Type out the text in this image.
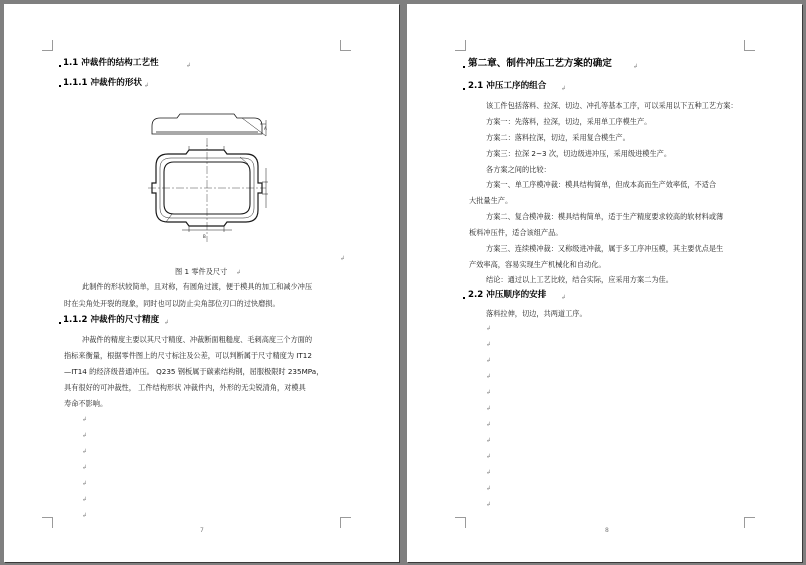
1.1 冲裁件的结构工艺性	↲
1.1.1 冲裁件的形状 ↲
B
A
↲
图 1 零件及尺寸 ↲
此制件的形状较简单，且对称，有圆角过渡，便于模具的加工和减少冲压
时在尖角处开裂的现象，同时也可以防止尖角部位刃口的过快磨损。
1.1.2 冲裁件的尺寸精度 ↲
冲裁件的精度主要以其尺寸精度、冲裁断面粗糙度、毛刺高度三个方面的
指标来衡量，根据零件图上的尺寸标注及公差，可以判断属于尺寸精度为 IT12
—IT14 的经济级普通冲压。 Q235 钢板属于碳素结构钢，屈服极限时 235MPa，
具有很好的可冲裁性， 工件结构形状 冲裁件内，外形的无尖锐清角，对模具
寿命不影响。
↲
↲
↲
↲
↲
↲
↲
7
第二章、制件冲压工艺方案的确定	↲
2.1 冲压工序的组合 ↲
该工件包括落料、拉深、切边、冲孔等基本工序，可以采用以下五种工艺方案：
方案一：先落料，拉深，切边，采用单工序模生产。
方案二：落料拉深，切边，采用复合模生产。
方案三：拉深 2~3 次，切边级进冲压，采用级进模生产。
各方案之间的比较：
方案一、单工序模冲裁：模具结构简单，但成本高而生产效率低，不适合
大批量生产。
方案二、复合模冲裁：模具结构简单，适于生产精度要求较高的软材料或薄
板料冲压件，适合该组产品。
方案三、连续模冲裁：又称级进冲裁，属于多工序冲压模，其主要优点是生
产效率高，容易实现生产机械化和自动化。
结论：通过以上工艺比较，结合实际，应采用方案二为佳。
2.2 冲压顺序的安排 ↲
落料拉伸，切边，共两道工序。
↲
↲
↲
↲
↲
↲
↲
↲
↲
↲
↲
↲
8
